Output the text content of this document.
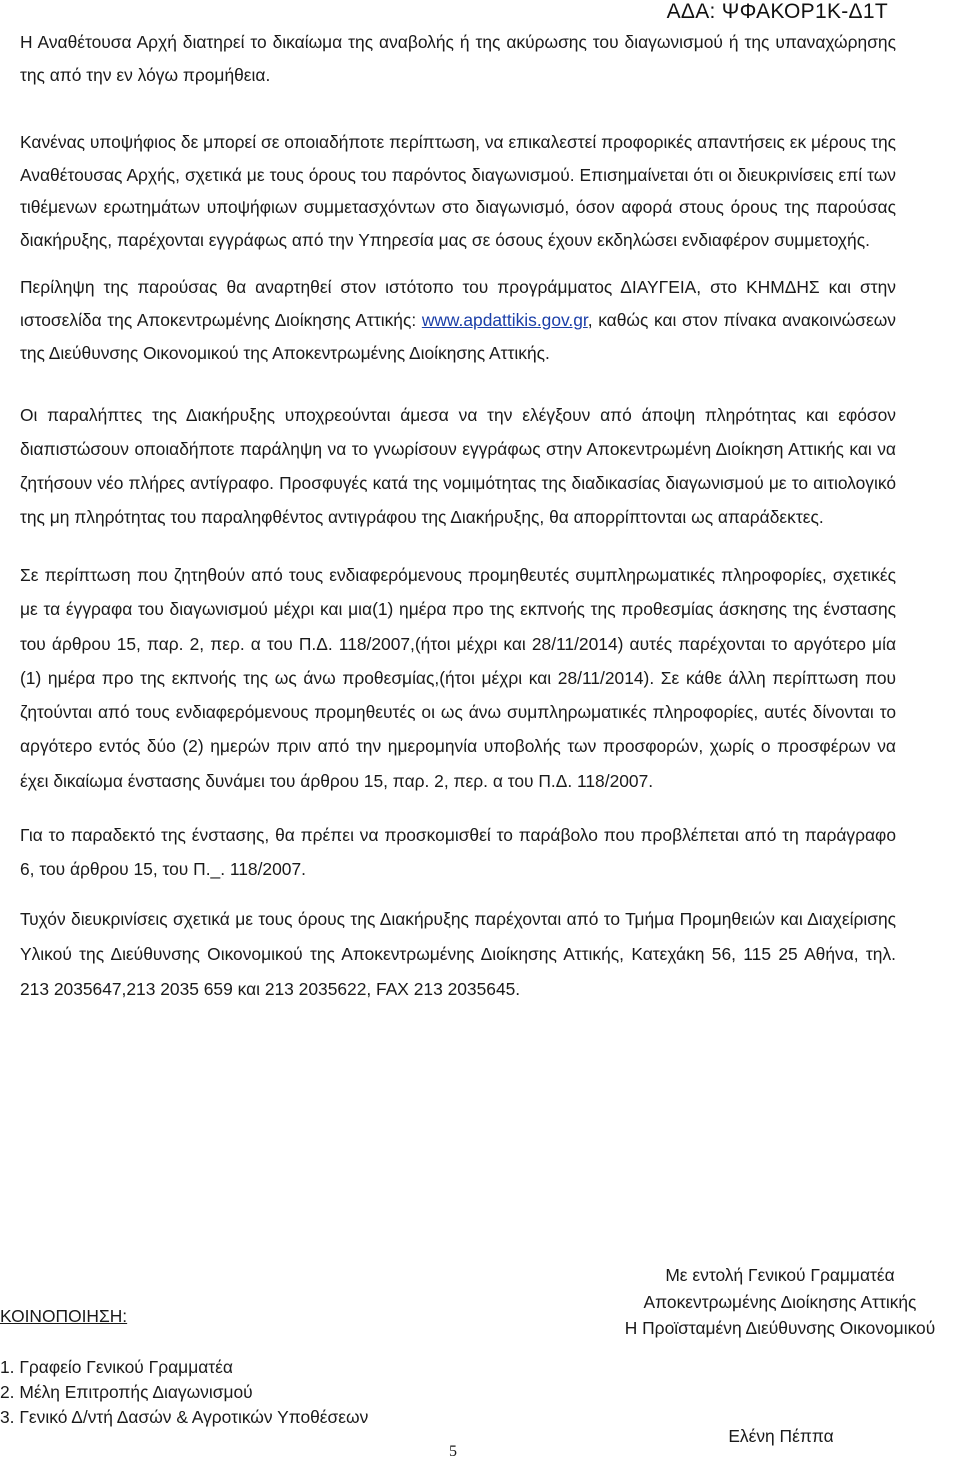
ΑΔΑ: ΨΦΑΚΟΡ1Κ-Δ1Τ

Η Αναθέτουσα Αρχή διατηρεί το δικαίωμα της αναβολής ή της ακύρωσης του διαγωνισμού ή της υπαναχώρησης της από την εν λόγω προμήθεια.

Κανένας υποψήφιος δε μπορεί σε οποιαδήποτε περίπτωση, να επικαλεστεί προφορικές απαντήσεις εκ μέρους της Αναθέτουσας Αρχής, σχετικά με τους όρους του παρόντος διαγωνισμού. Επισημαίνεται ότι οι διευκρινίσεις επί των τιθέμενων ερωτημάτων υποψήφιων συμμετασχόντων στο διαγωνισμό, όσον αφορά στους όρους της παρούσας διακήρυξης, παρέχονται εγγράφως από την Υπηρεσία μας σε όσους έχουν εκδηλώσει ενδιαφέρον συμμετοχής.

Περίληψη της παρούσας θα αναρτηθεί στον ιστότοπο του προγράμματος ΔΙΑΥΓΕΙΑ, στο ΚΗΜΔΗΣ και στην ιστοσελίδα της Αποκεντρωμένης Διοίκησης Αττικής: www.apdattikis.gov.gr, καθώς και στον πίνακα ανακοινώσεων της Διεύθυνσης Οικονομικού της Αποκεντρωμένης Διοίκησης Αττικής.

Οι παραλήπτες της Διακήρυξης υποχρεούνται άμεσα να την ελέγξουν από άποψη πληρότητας και εφόσον διαπιστώσουν οποιαδήποτε παράληψη να το γνωρίσουν εγγράφως στην Αποκεντρωμένη Διοίκηση Αττικής και να ζητήσουν νέο πλήρες αντίγραφο. Προσφυγές κατά της νομιμότητας της διαδικασίας διαγωνισμού με το αιτιολογικό της μη πληρότητας του παραληφθέντος αντιγράφου της Διακήρυξης, θα απορρίπτονται ως απαράδεκτες.

Σε περίπτωση που ζητηθούν από τους ενδιαφερόμενους προμηθευτές συμπληρωματικές πληροφορίες, σχετικές με τα έγγραφα του διαγωνισμού μέχρι και μια(1) ημέρα προ της εκπνοής της προθεσμίας άσκησης της ένστασης του άρθρου 15, παρ. 2, περ. α του Π.Δ. 118/2007,(ήτοι μέχρι και 28/11/2014) αυτές παρέχονται το αργότερο μία (1) ημέρα προ της εκπνοής της ως άνω προθεσμίας,(ήτοι μέχρι και 28/11/2014). Σε κάθε άλλη περίπτωση που ζητούνται από τους ενδιαφερόμενους προμηθευτές οι ως άνω συμπληρωματικές πληροφορίες, αυτές δίνονται το αργότερο εντός δύο (2) ημερών πριν από την ημερομηνία υποβολής των προσφορών, χωρίς ο προσφέρων να έχει δικαίωμα ένστασης δυνάμει του άρθρου 15, παρ. 2, περ. α του Π.Δ. 118/2007.

Για το παραδεκτό της ένστασης, θα πρέπει να προσκομισθεί το παράβολο που προβλέπεται από τη παράγραφο 6, του άρθρου 15, του Π._. 118/2007.

Τυχόν διευκρινίσεις σχετικά με τους όρους της Διακήρυξης παρέχονται από το Τμήμα Προμηθειών και Διαχείρισης Υλικού της Διεύθυνσης Οικονομικού της Αποκεντρωμένης Διοίκησης Αττικής, Κατεχάκη 56, 115 25 Αθήνα, τηλ. 213 2035647,213 2035 659 και 213 2035622, FAX 213 2035645.

Με εντολή Γενικού Γραμματέα
Αποκεντρωμένης Διοίκησης Αττικής
Η Προϊσταμένη Διεύθυνσης Οικονομικού
Ελένη Πέππα
ΚΟΙΝΟΠΟΙΗΣΗ:
1. Γραφείο Γενικού Γραμματέα
2. Μέλη Επιτροπής Διαγωνισμού
3. Γενικό Δ/ντή Δασών & Αγροτικών Υποθέσεων
5
